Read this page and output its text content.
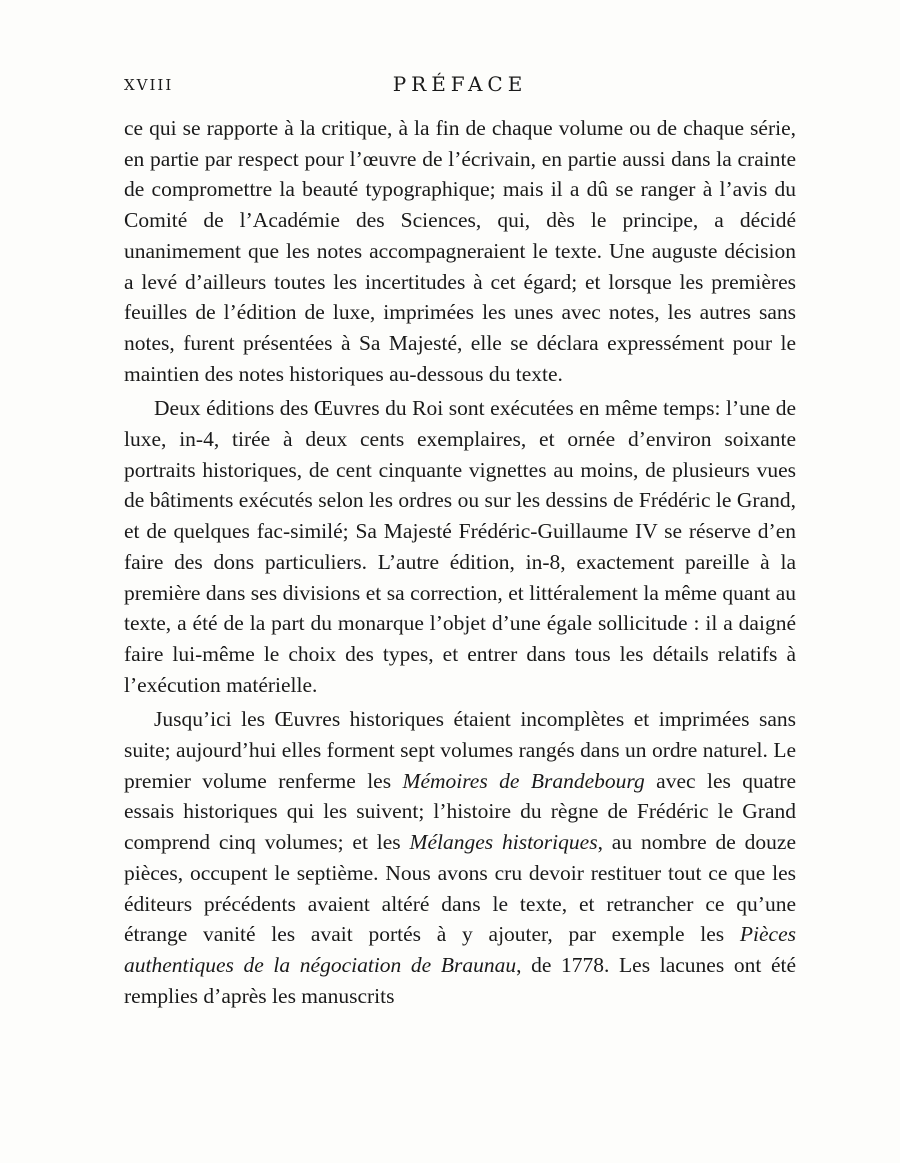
XVIII	PRÉFACE

ce qui se rapporte à la critique, à la fin de chaque volume ou de chaque série, en partie par respect pour l’œuvre de l’écrivain, en partie aussi dans la crainte de compromettre la beauté typographique; mais il a dû se ranger à l’avis du Comité de l’Académie des Sciences, qui, dès le principe, a décidé unanimement que les notes accompagneraient le texte. Une auguste décision a levé d’ailleurs toutes les incertitudes à cet égard; et lorsque les premières feuilles de l’édition de luxe, imprimées les unes avec notes, les autres sans notes, furent présentées à Sa Majesté, elle se déclara expressément pour le maintien des notes historiques au-dessous du texte.

Deux éditions des Œuvres du Roi sont exécutées en même temps: l’une de luxe, in-4, tirée à deux cents exemplaires, et ornée d’environ soixante portraits historiques, de cent cinquante vignettes au moins, de plusieurs vues de bâtiments exécutés selon les ordres ou sur les dessins de Frédéric le Grand, et de quelques fac-similé; Sa Majesté Frédéric-Guillaume IV se réserve d’en faire des dons particuliers. L’autre édition, in-8, exactement pareille à la première dans ses divisions et sa correction, et littéralement la même quant au texte, a été de la part du monarque l’objet d’une égale sollicitude : il a daigné faire lui-même le choix des types, et entrer dans tous les détails relatifs à l’exécution matérielle.

Jusqu’ici les Œuvres historiques étaient incomplètes et imprimées sans suite; aujourd’hui elles forment sept volumes rangés dans un ordre naturel. Le premier volume renferme les Mémoires de Brandebourg avec les quatre essais historiques qui les suivent; l’histoire du règne de Frédéric le Grand comprend cinq volumes; et les Mélanges historiques, au nombre de douze pièces, occupent le septième. Nous avons cru devoir restituer tout ce que les éditeurs précédents avaient altéré dans le texte, et retrancher ce qu’une étrange vanité les avait portés à y ajouter, par exemple les Pièces authentiques de la négociation de Braunau, de 1778. Les lacunes ont été remplies d’après les manuscrits
